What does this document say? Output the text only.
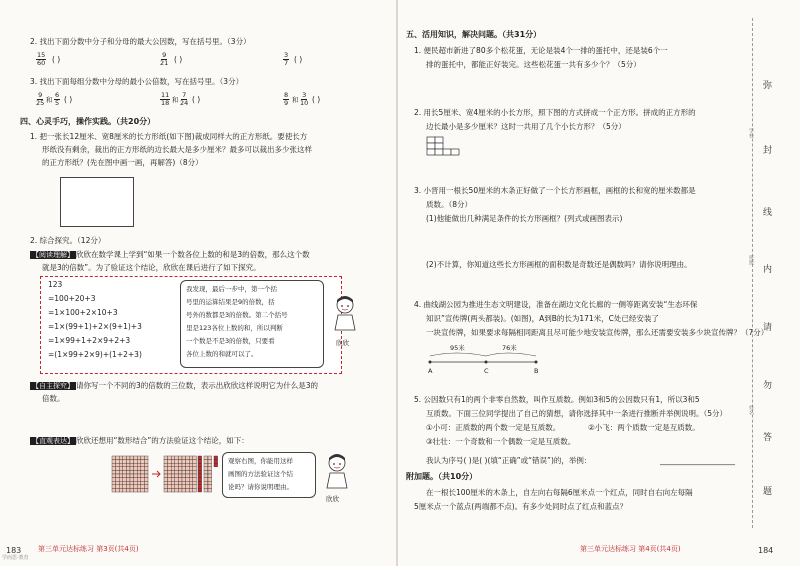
2. 找出下面分数中分子和分母的最大公因数，写在括号里。（3分）
$\frac{15}{60}$ ( )	$\frac{9}{21}$ ( )	$\frac{3}{7}$ ( )
3. 找出下面每组分数中分母的最小公倍数，写在括号里。（3分）
$\frac{9}{25}$ 和 $\frac{6}{5}$ ( )	$\frac{11}{18}$ 和 $\frac{7}{24}$ ( )	$\frac{8}{9}$ 和 $\frac{3}{10}$ ( )
四、心灵手巧，操作实践。（共20分）
1. 把一张长12厘米、宽8厘米的长方形纸(如下图)裁成同样大的正方形纸。要使长方
形纸没有剩余，裁出的正方形纸的边长最大是多少厘米？最多可以裁出多少张这样
的正方形纸？(先在图中画一画，再解答)（8分）
2. 综合探究。（12分）
【阅读理解】 欣欣在数学课上学到“如果一个数各位上数的和是3的倍数，那么这个数
就是3的倍数”。为了验证这个结论，欣欣在课后进行了如下探究。
123
=100+20+3
=1×100+2×10+3
=1×(99+1)+2×(9+1)+3
=1×99+1+2×9+2+3
=(1×99+2×9)+(1+2+3)
我发现，最后一步中，第一个括
号里的运算结果是9的倍数，括
号外的数都是3的倍数。第二个括号
里是123各位上数的和，所以判断
一个数是不是3的倍数，只要看
各位上数的和就可以了。
欣欣
【自主探究】 请你写一个不同的3的倍数的三位数，表示出欣欣这样说明它为什么是3的
倍数。
【直观表达】 欣欣还想用“数形结合”的方法验证这个结论，如下：
观察右图，你能用这样
画图的方法验证这个结
论吗？请你说明理由。
欣欣
183 第三单元达标练习 第3页(共4页)
学而思·教育
五、活用知识，解决问题。（共31分）
1. 便民超市新进了80多个松花蛋，无论是装4个一排的蛋托中，还是装6个一
排的蛋托中，都能正好装完。这些松花蛋一共有多少个？（5分）
2. 用长5厘米、宽4厘米的小长方形，照下图的方式拼成一个正方形。拼成的正方形的
边长最小是多少厘米？这时一共用了几个小长方形？（5分）
3. 小晋用一根长50厘米的木条正好做了一个长方形画框，画框的长和宽的厘米数都是
质数。（8分）
(1)他能做出几种满足条件的长方形画框？(列式或画图表示)
(2)不计算，你知道这些长方形画框的面积数是奇数还是偶数吗？请你说明理由。
4. 曲线湖公园为推进生态文明建设，准备在湖边文化长廊的一侧等距离安装“生态环保
知识”宣传牌(两头都装)。(如图)，A到B的长为171米，C处已经安装了
一块宣传牌，如果要求每隔相同距离且尽可能少地安装宣传牌，那么还需要安装多少块宣传牌？（7分）
95米	76米
A	C	B
5. 公因数只有1的两个非零自然数，叫作互质数。例如3和5的公因数只有1，所以3和5
互质数。下面三位同学提出了自己的猜想，请你选择其中一条进行推断并举例说明。（5分）
①小可：正质数的两个数一定是互质数。	②小飞：两个质数一定是互质数。
③壮壮：一个奇数和一个偶数一定是互质数。
我认为序号( )是( )(填“正确”或“错误”)的，举例：	____________________
附加题。（共10分）
在一根长100厘米的木条上，自左向右每隔6厘米点一个红点，同时自右向左每隔
5厘米点一个蓝点(两端都不点)。有多少处同时点了红点和蓝点？
第三单元达标练习 第4页(共4页)	184
弥
封
线
内
请
勿
答
题
学校
班级
姓名
